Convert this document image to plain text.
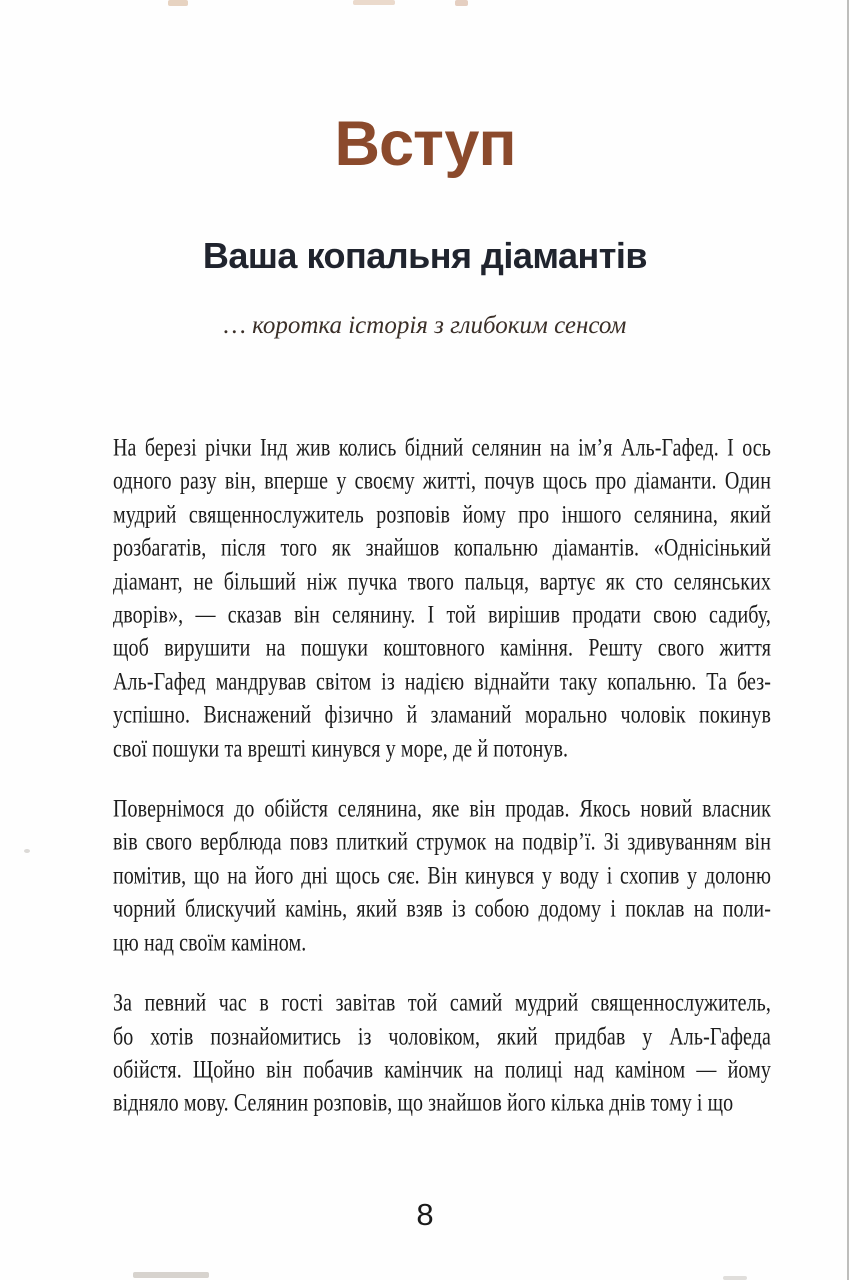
Вступ
Ваша копальня діамантів
… коротка історія з глибоким сенсом
На березі річки Інд жив колись бідний селянин на ім’я Аль-Гафед. І ось
одного разу він, вперше у своєму житті, почув щось про діаманти. Один
мудрий священнослужитель розповів йому про іншого селянина, який
розбагатів, після того як знайшов копальню діамантів. «Однісінький
діамант, не більший ніж пучка твого пальця, вартує як сто селянських
дворів», — сказав він селянину. І той вирішив продати свою садибу,
щоб вирушити на пошуки коштовного каміння. Решту свого життя
Аль-Гафед мандрував світом із надією віднайти таку копальню. Та без-
успішно. Виснажений фізично й зламаний морально чоловік покинув
свої пошуки та врешті кинувся у море, де й потонув.
Повернімося до обійстя селянина, яке він продав. Якось новий власник
вів свого верблюда повз плиткий струмок на подвір’ї. Зі здивуванням він
помітив, що на його дні щось сяє. Він кинувся у воду і схопив у долоню
чорний блискучий камінь, який взяв із собою додому і поклав на поли-
цю над своїм каміном.
За певний час в гості завітав той самий мудрий священнослужитель,
бо хотів познайомитись із чоловіком, який придбав у Аль-Гафеда
обійстя. Щойно він побачив камінчик на полиці над каміном — йому
відняло мову. Селянин розповів, що знайшов його кілька днів тому і що
8
